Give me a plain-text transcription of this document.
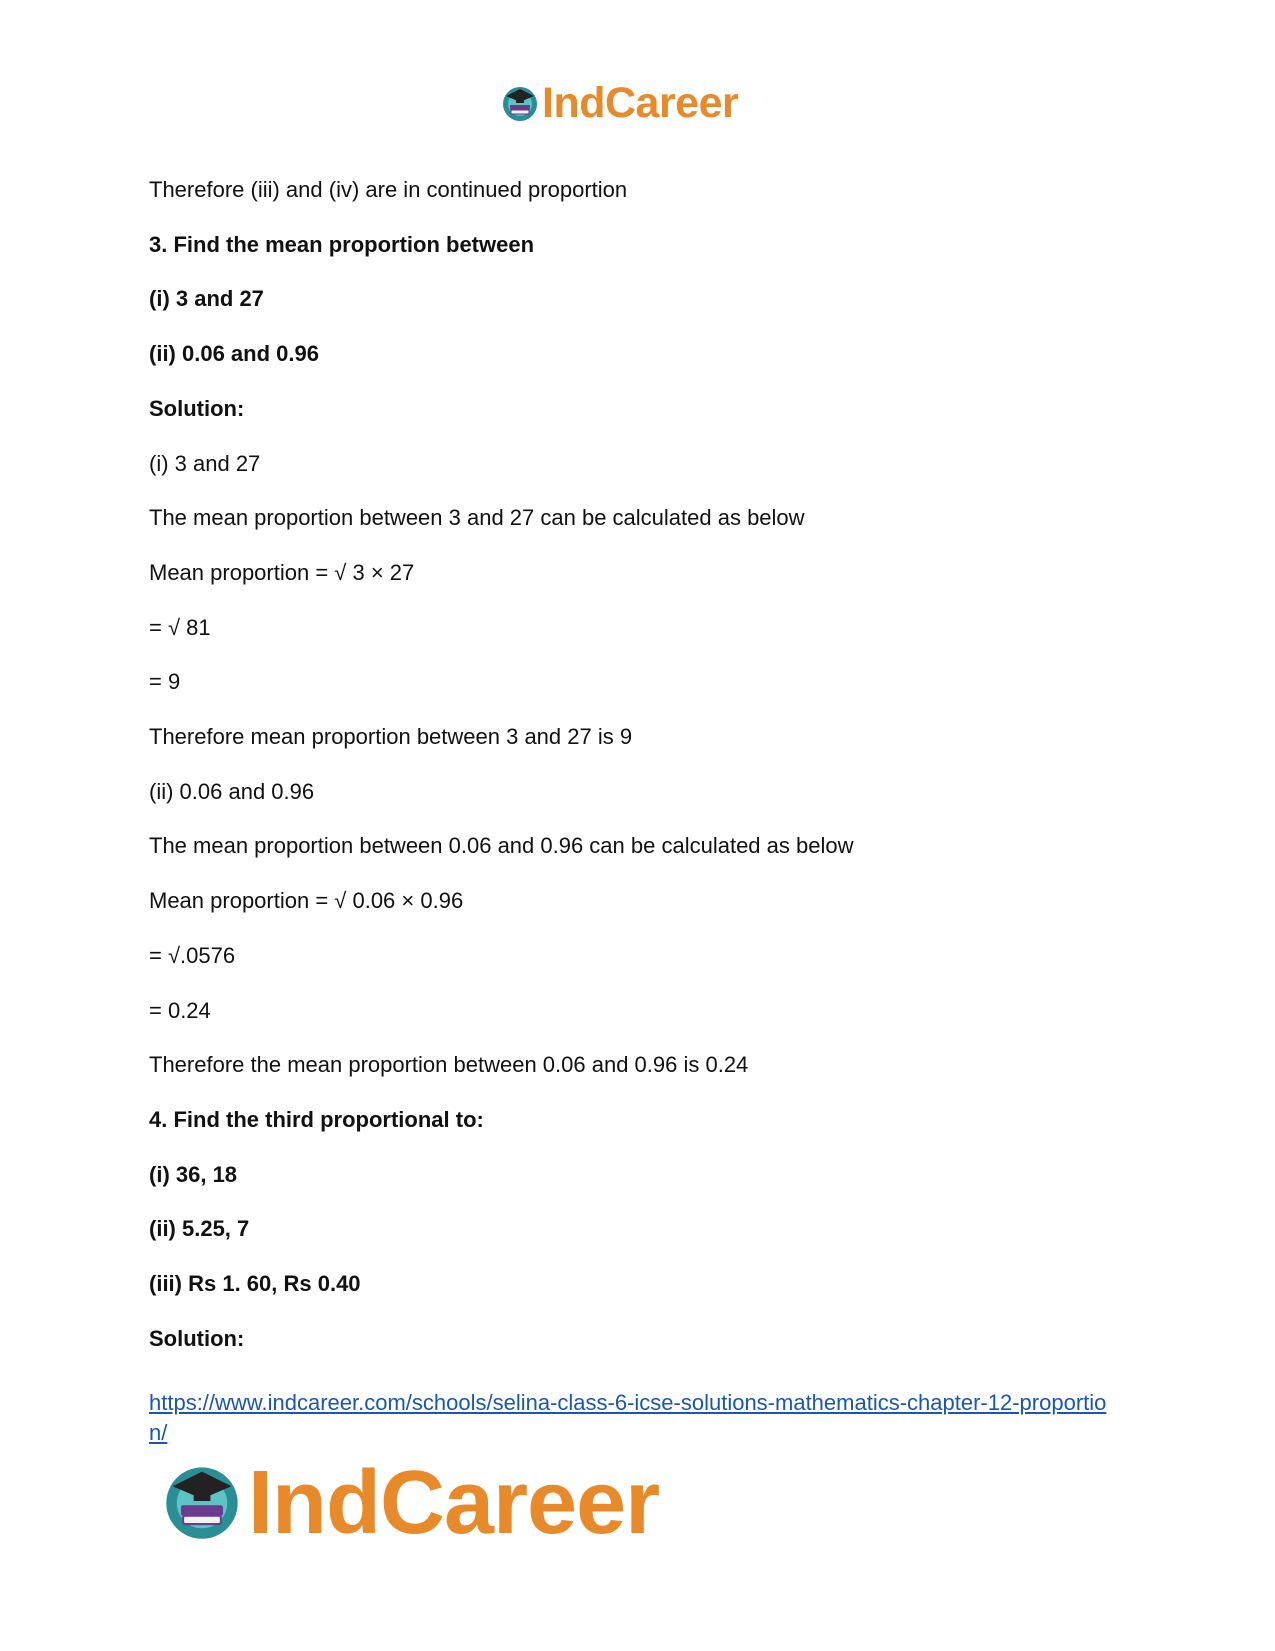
IndCareer
Therefore (iii) and (iv) are in continued proportion
3. Find the mean proportion between
(i) 3 and 27
(ii) 0.06 and 0.96
Solution:
(i) 3 and 27
The mean proportion between 3 and 27 can be calculated as below
Mean proportion = √ 3 × 27
= √ 81
= 9
Therefore mean proportion between 3 and 27 is 9
(ii) 0.06 and 0.96
The mean proportion between 0.06 and 0.96 can be calculated as below
Mean proportion = √ 0.06 × 0.96
= √.0576
= 0.24
Therefore the mean proportion between 0.06 and 0.96 is 0.24
4. Find the third proportional to:
(i) 36, 18
(ii) 5.25, 7
(iii) Rs 1. 60, Rs 0.40
Solution:
https://www.indcareer.com/schools/selina-class-6-icse-solutions-mathematics-chapter-12-proportion/
IndCareer
